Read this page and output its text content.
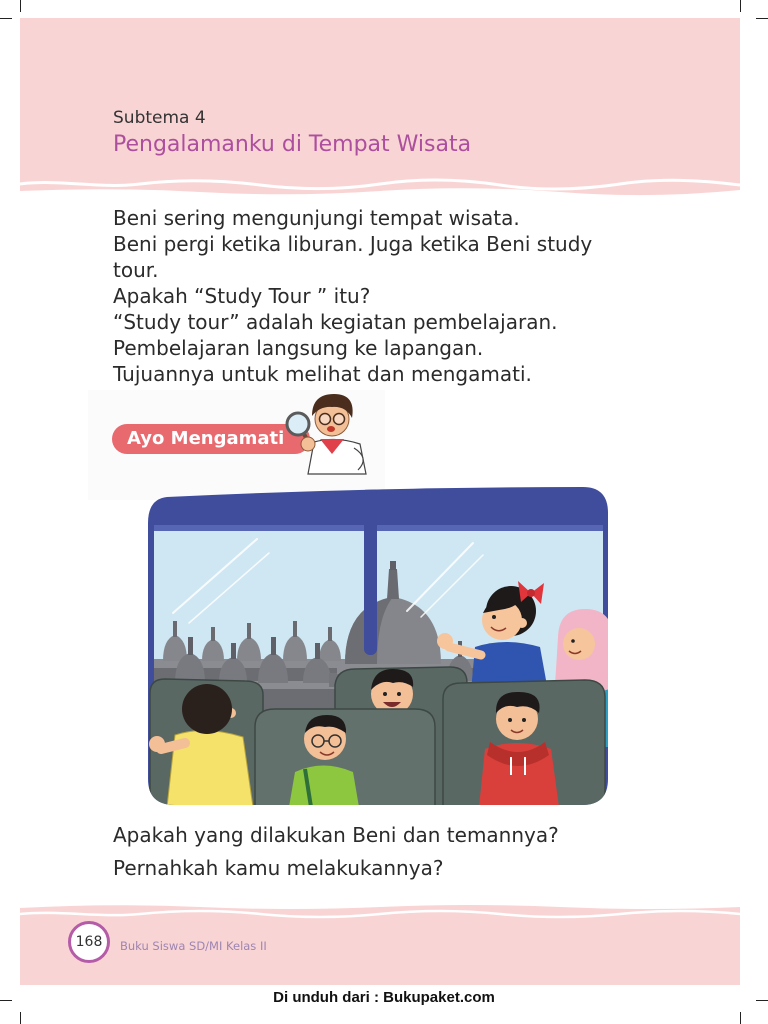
Subtema 4
Pengalamanku di Tempat Wisata
Beni sering mengunjungi tempat wisata.
Beni pergi ketika liburan. Juga ketika Beni study
tour.
Apakah “Study Tour ” itu?
“Study tour” adalah kegiatan pembelajaran.
Pembelajaran langsung ke lapangan.
Tujuannya untuk melihat dan mengamati.
Ayo Mengamati
Apakah yang dilakukan Beni dan temannya?
Pernahkah kamu melakukannya?
168	Buku Siswa SD/MI Kelas II
Di unduh dari : Bukupaket.com
